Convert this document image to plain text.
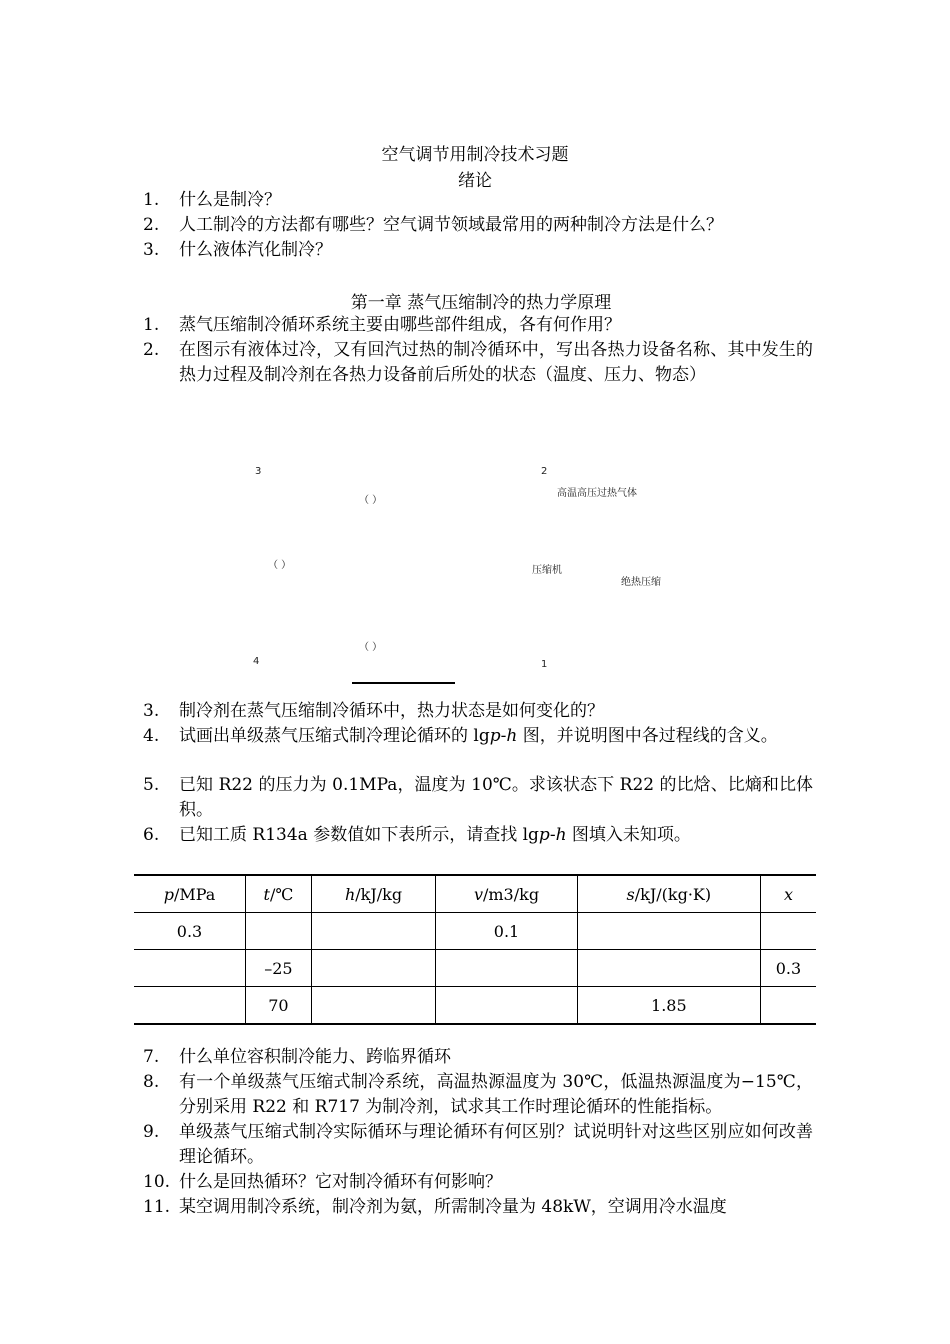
空气调节用制冷技术习题
绪论
1.	什么是制冷？
2.	人工制冷的方法都有哪些？空气调节领域最常用的两种制冷方法是什么？
3.	什么液体汽化制冷？
第一章 蒸气压缩制冷的热力学原理
1.	蒸气压缩制冷循环系统主要由哪些部件组成，各有何作用？
2.	在图示有液体过冷，又有回汽过热的制冷循环中，写出各热力设备名称、其中发生的热力过程及制冷剂在各热力设备前后所处的状态（温度、压力、物态）
3	2
高温高压过热气体
（ ）
（ ）	压缩机
绝热压缩
（ ）
4	1
3.	制冷剂在蒸气压缩制冷循环中，热力状态是如何变化的？
4.	试画出单级蒸气压缩式制冷理论循环的 lgp-h 图，并说明图中各过程线的含义。
5.	已知 R22 的压力为 0.1MPa，温度为 10℃。求该状态下 R22 的比焓、比熵和比体积。
6.	已知工质 R134a 参数值如下表所示，请查找 lgp-h 图填入未知项。
p/MPa	t/℃	h/kJ/kg	v/m3/kg	s/kJ/(kg·K)	x
0.3			0.1		
	–25				0.3
	70			1.85	
7.	什么单位容积制冷能力、跨临界循环
8.	有一个单级蒸气压缩式制冷系统，高温热源温度为 30℃，低温热源温度为−15℃，分别采用 R22 和 R717 为制冷剂，试求其工作时理论循环的性能指标。
9.	单级蒸气压缩式制冷实际循环与理论循环有何区别？试说明针对这些区别应如何改善理论循环。
10. 什么是回热循环？它对制冷循环有何影响？
11. 某空调用制冷系统，制冷剂为氨，所需制冷量为 48kW，空调用冷水温度
